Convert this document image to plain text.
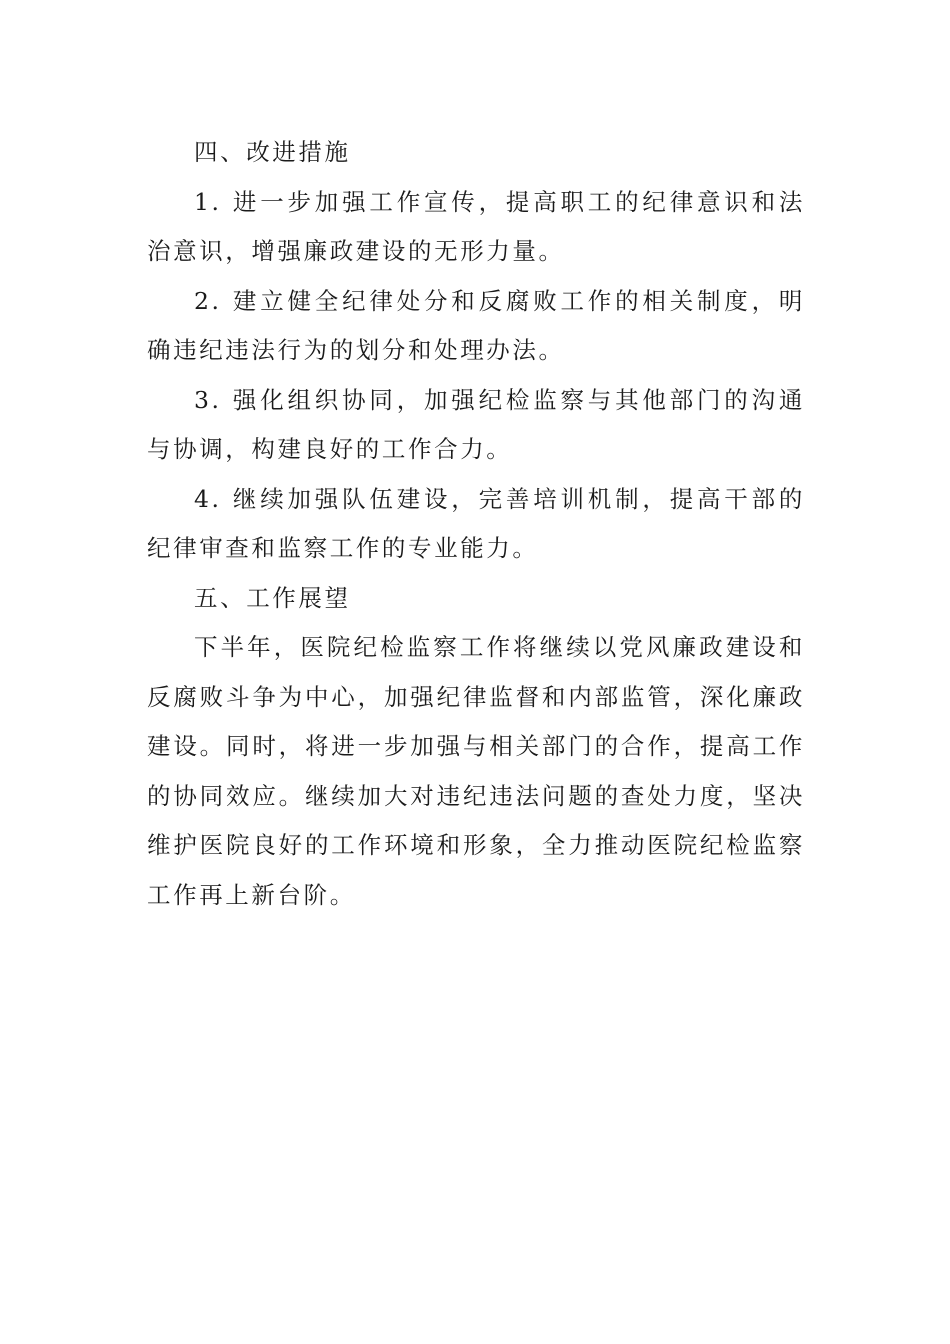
四、改进措施

1. 进一步加强工作宣传，提高职工的纪律意识和法治意识，增强廉政建设的无形力量。

2. 建立健全纪律处分和反腐败工作的相关制度，明确违纪违法行为的划分和处理办法。

3. 强化组织协同，加强纪检监察与其他部门的沟通与协调，构建良好的工作合力。

4. 继续加强队伍建设，完善培训机制，提高干部的纪律审查和监察工作的专业能力。

五、工作展望

下半年，医院纪检监察工作将继续以党风廉政建设和反腐败斗争为中心，加强纪律监督和内部监管，深化廉政建设。同时，将进一步加强与相关部门的合作，提高工作的协同效应。继续加大对违纪违法问题的查处力度，坚决维护医院良好的工作环境和形象，全力推动医院纪检监察工作再上新台阶。
